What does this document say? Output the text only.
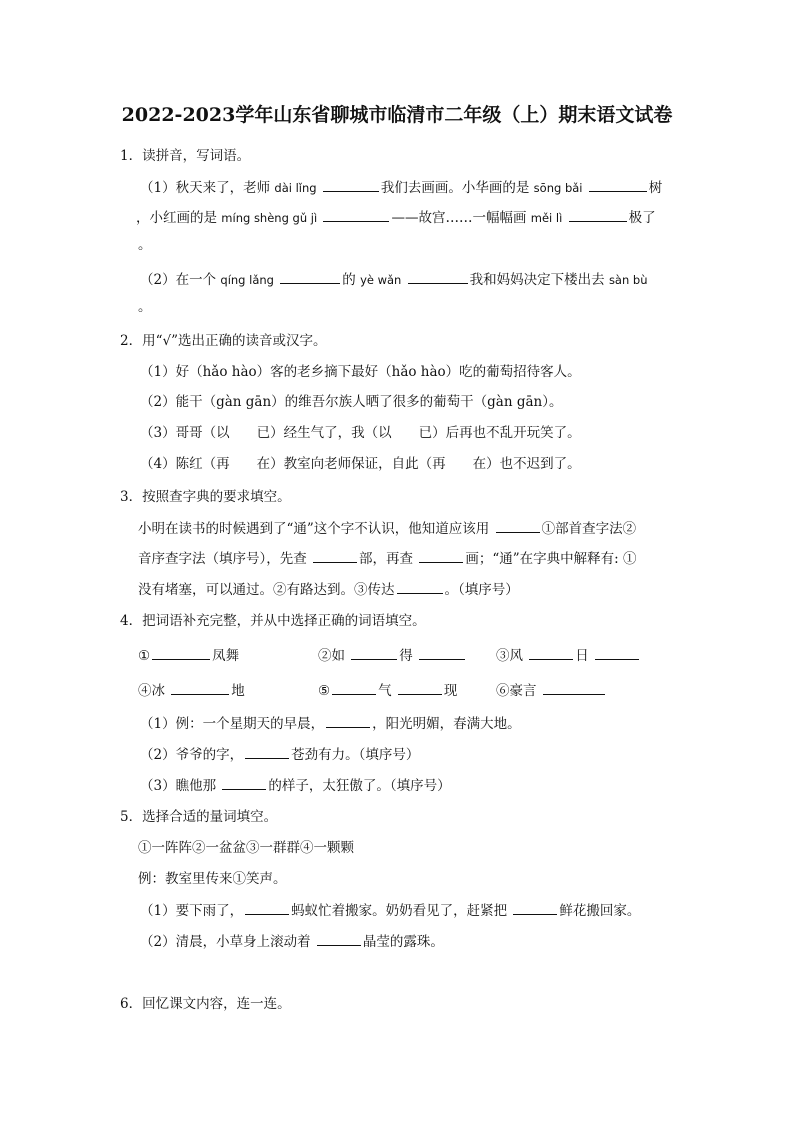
2022-2023学年山东省聊城市临清市二年级（上）期末语文试卷
1．读拼音，写词语。
（1）秋天来了，老师 dài lǐng	我们去画画。小华画的是 sōng bǎi	树
，小红画的是 míng shèng gǔ jì	——故宫……一幅幅画 měi lì	极了
。
（2）在一个 qíng lǎng	的 yè wǎn	我和妈妈决定下楼出去 sàn bù
。
2．用“√”选出正确的读音或汉字。
（1）好（hǎo hào）客的老乡摘下最好（hǎo hào）吃的葡萄招待客人。
（2）能干（gàn gān）的维吾尔族人晒了很多的葡萄干（gàn gān）。
（3）哥哥（以　　已）经生气了，我（以　　已）后再也不乱开玩笑了。
（4）陈红（再　　在）教室向老师保证，自此（再　　在）也不迟到了。
3．按照查字典的要求填空。
小明在读书的时候遇到了“通”这个字不认识，他知道应该用	①部首查字法②
音序查字法（填序号），先查	部，再查	画；“通”在字典中解释有: ①
没有堵塞，可以通过。②有路达到。③传达	。（填序号）
4．把词语补充完整，并从中选择正确的词语填空。
①	凤舞	②如	得	③风	日
④冰	地	⑤	气	现	⑥豪言
（1）例：一个星期天的早晨，	，阳光明媚，春满大地。
（2）爷爷的字，	苍劲有力。（填序号）
（3）瞧他那	的样子，太狂傲了。（填序号）
5．选择合适的量词填空。
①一阵阵②一盆盆③一群群④一颗颗
例：教室里传来①笑声。
（1）要下雨了，	蚂蚁忙着搬家。奶奶看见了，赶紧把	鲜花搬回家。
（2）清晨，小草身上滚动着	晶莹的露珠。
6．回忆课文内容，连一连。
